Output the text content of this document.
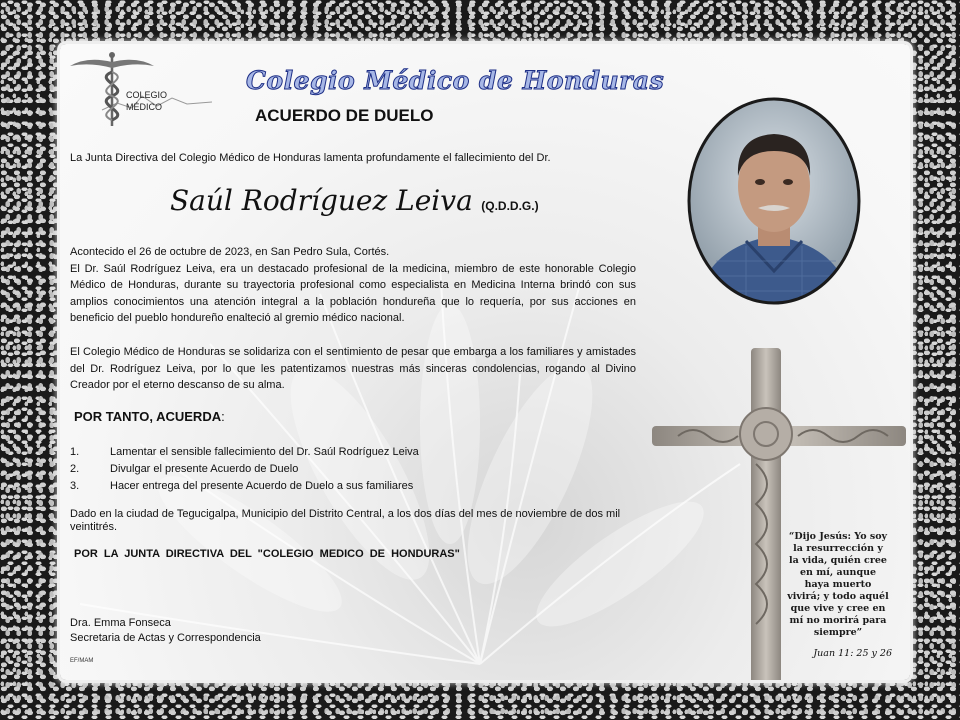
COLEGIO
MÉDICO
Colegio Médico de Honduras
ACUERDO DE DUELO
La Junta Directiva del Colegio Médico de Honduras lamenta profundamente el fallecimiento del Dr.
Saúl Rodríguez Leiva (Q.D.D.G.)
Acontecido el 26 de octubre de 2023, en San Pedro Sula, Cortés.
El Dr. Saúl Rodríguez Leiva, era un destacado profesional de la medicina, miembro de este honorable Colegio Médico de Honduras, durante su trayectoria profesional como especialista en Medicina Interna brindó con sus amplios conocimientos una atención integral a la población hondureña que lo requería, por sus acciones en beneficio del pueblo hondureño enalteció al gremio médico nacional.
El Colegio Médico de Honduras se solidariza con el sentimiento de pesar que embarga a los familiares y amistades del Dr. Rodríguez Leiva, por lo que les patentizamos nuestras más sinceras condolencias, rogando al Divino Creador por el eterno descanso de su alma.
POR TANTO, ACUERDA:
1.	Lamentar el sensible fallecimiento del Dr. Saúl Rodríguez Leiva
2.	Divulgar el presente Acuerdo de Duelo
3.	Hacer entrega del presente Acuerdo de Duelo a sus familiares
Dado en la ciudad de Tegucigalpa, Municipio del Distrito Central, a los dos días del mes de noviembre de dos mil veintitrés.
POR LA JUNTA DIRECTIVA DEL "COLEGIO MEDICO DE HONDURAS"
Dra. Emma Fonseca
Secretaria de Actas y Correspondencia
EF/MAM
“Dijo Jesús: Yo soy la resurrección y la vida, quién cree en mí, aunque haya muerto vivirá; y todo aquél que vive y cree en mí no morirá para siempre”
Juan 11: 25 y 26
